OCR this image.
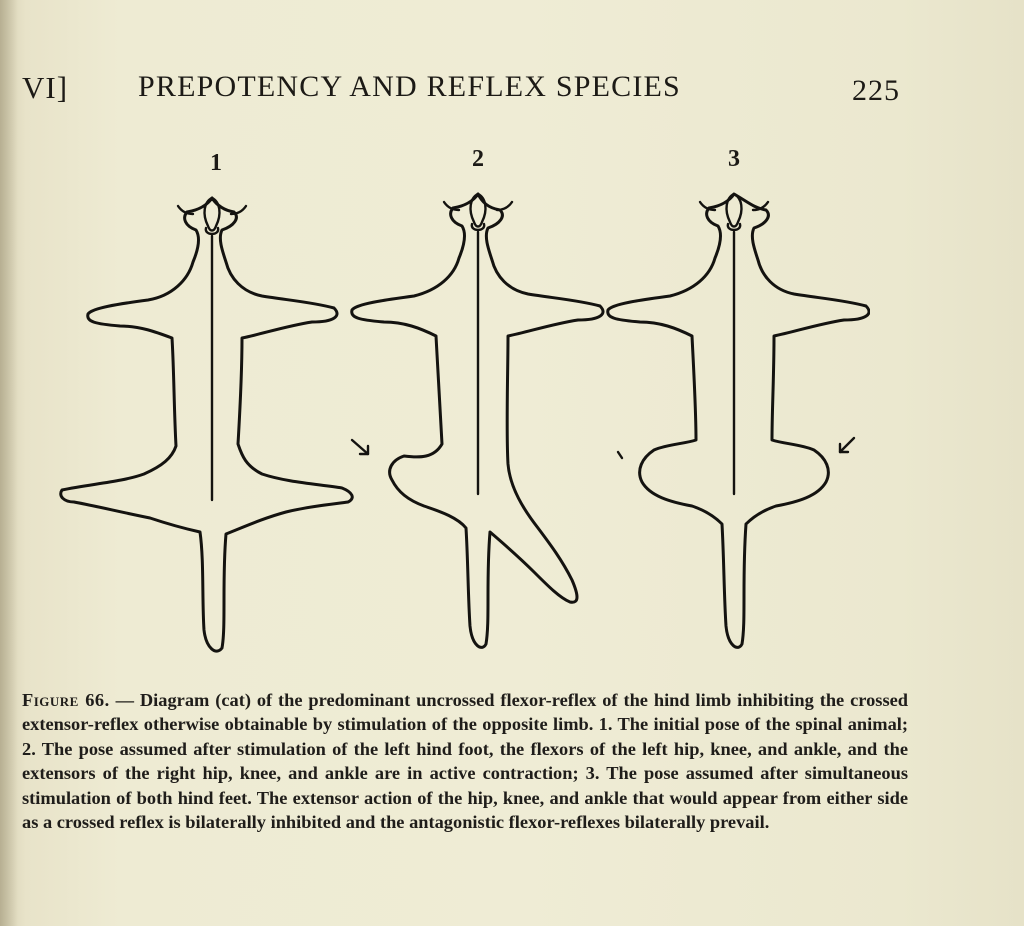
VI] PREPOTENCY AND REFLEX SPECIES	225
1	2	3
Figure 66. — Diagram (cat) of the predominant uncrossed flexor-reflex of the hind limb inhibiting the crossed extensor-reflex otherwise obtainable by stimulation of the opposite limb. 1. The initial pose of the spinal animal; 2. The pose assumed after stimulation of the left hind foot, the flexors of the left hip, knee, and ankle, and the extensors of the right hip, knee, and ankle are in active contraction; 3. The pose assumed after simultaneous stimulation of both hind feet. The extensor action of the hip, knee, and ankle that would appear from either side as a crossed reflex is bilaterally inhibited and the antagonistic flexor-reflexes bilaterally prevail.
